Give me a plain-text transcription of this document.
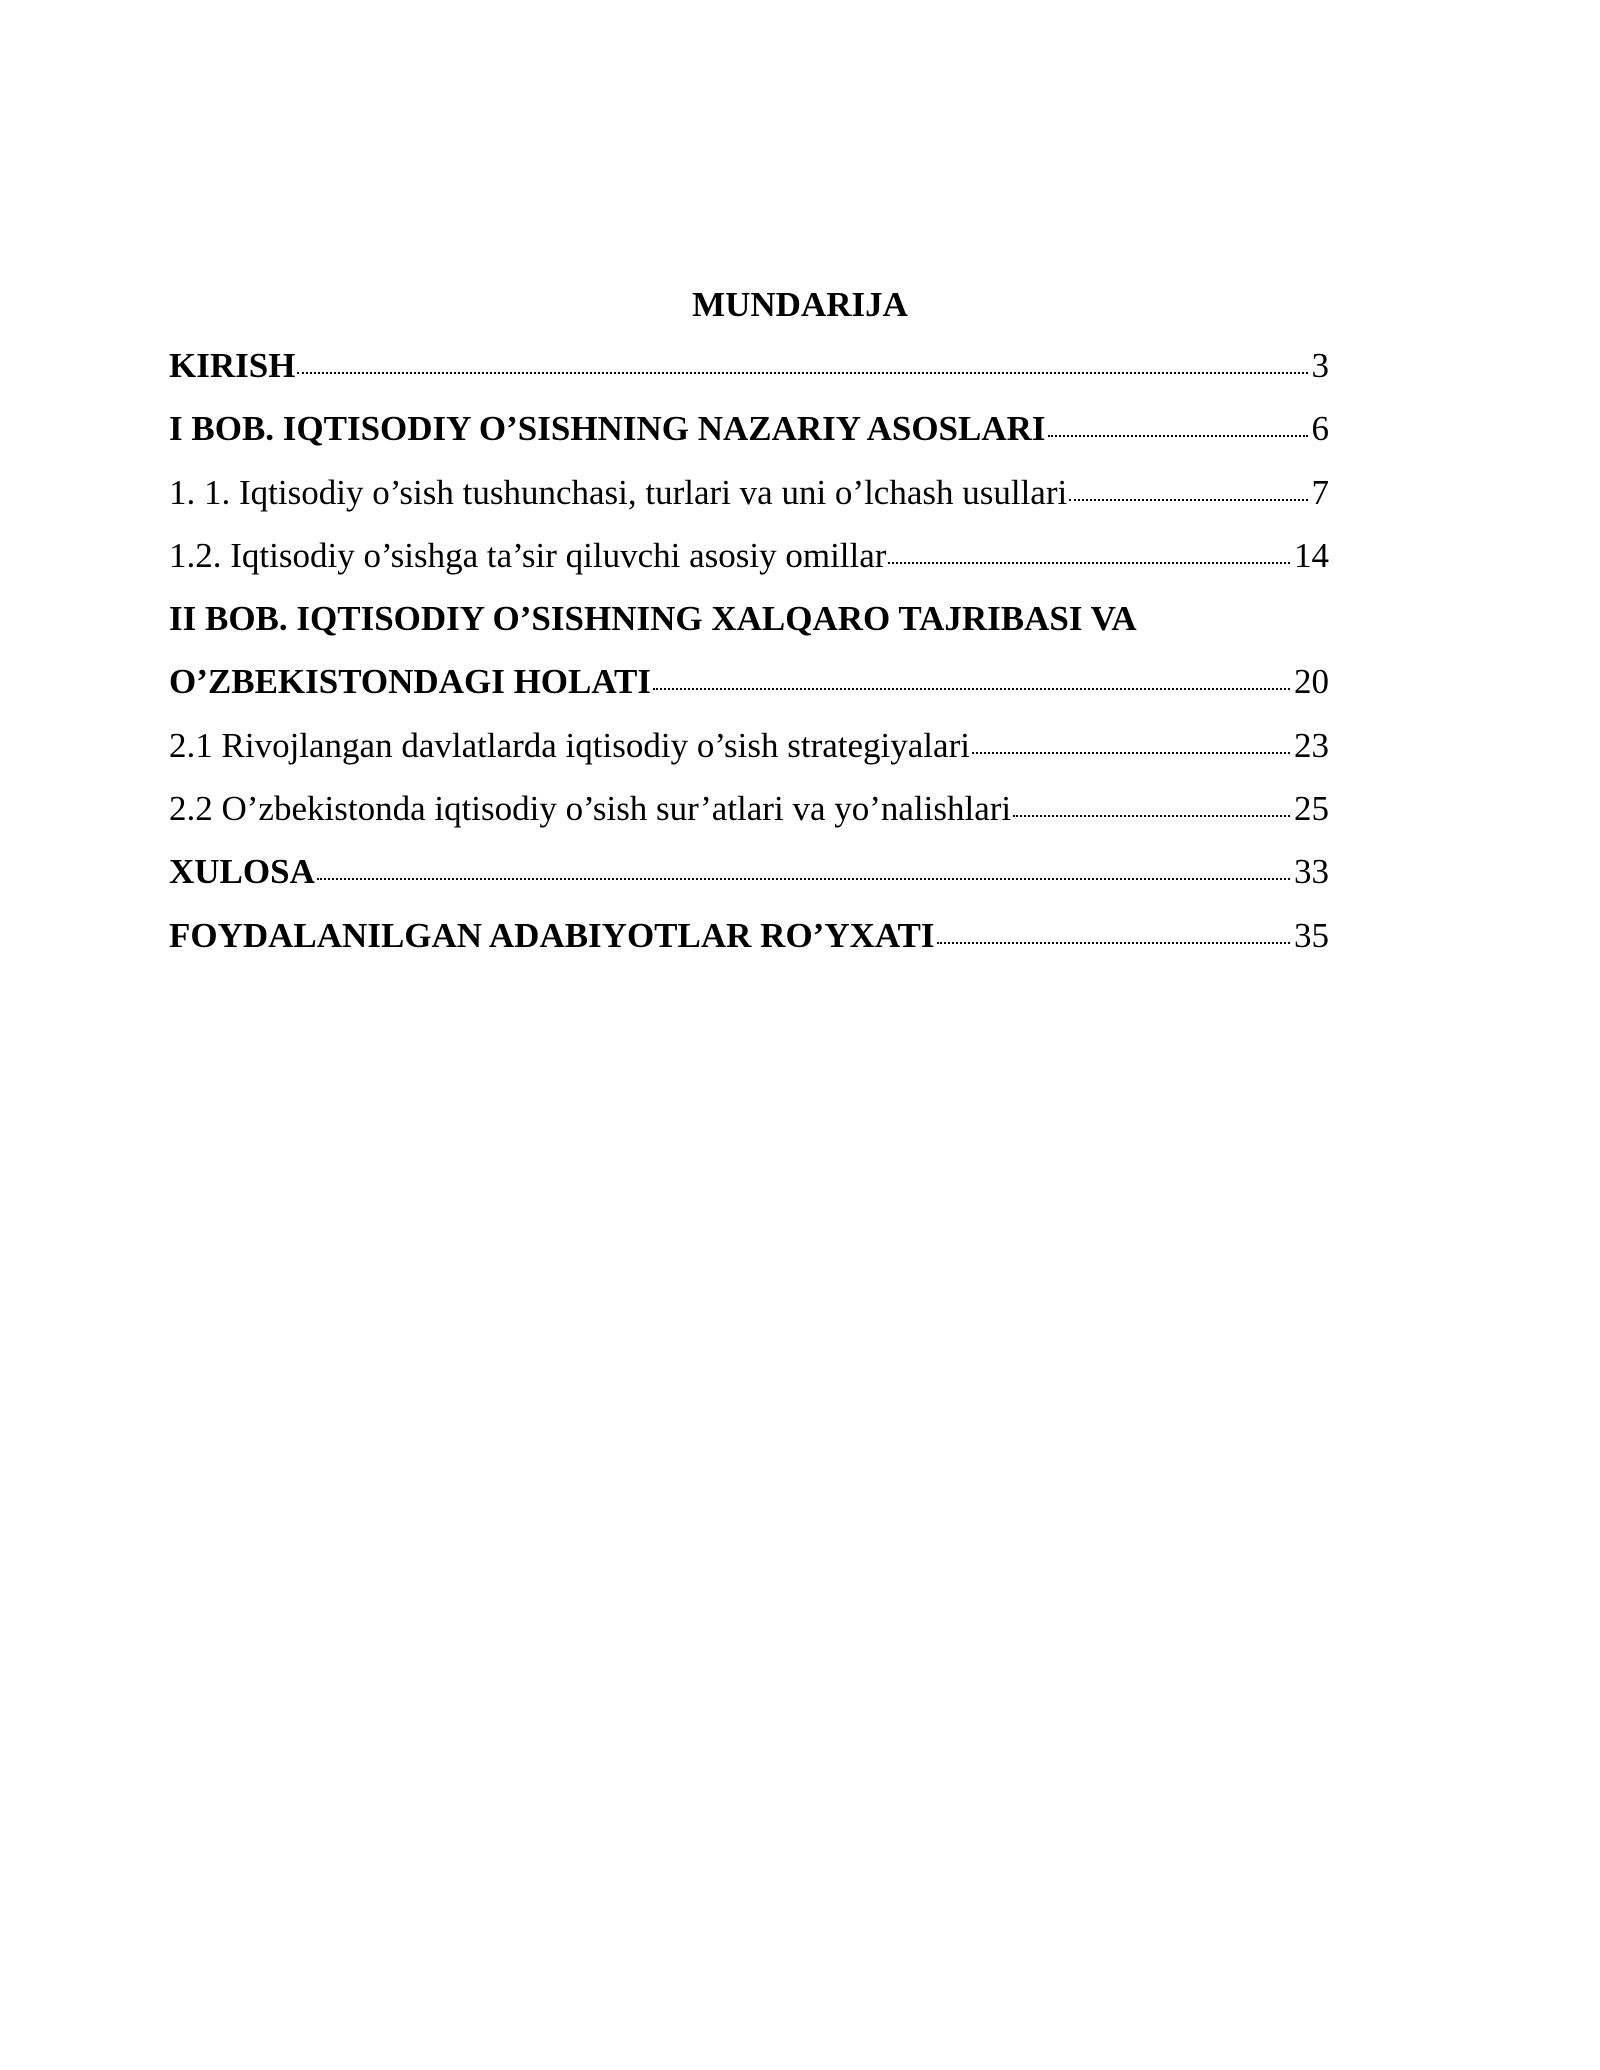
MUNDARIJA
KIRISH	3
I BOB. IQTISODIY O’SISHNING NAZARIY ASOSLARI	6
1. 1. Iqtisodiy o’sish tushunchasi, turlari va uni o’lchash usullari	7
1.2. Iqtisodiy o’sishga ta’sir qiluvchi asosiy omillar	14
II BOB. IQTISODIY O’SISHNING XALQARO TAJRIBASI VA
O’ZBEKISTONDAGI HOLATI	20
2.1 Rivojlangan davlatlarda iqtisodiy o’sish strategiyalari	23
2.2 O’zbekistonda iqtisodiy o’sish sur’atlari va yo’nalishlari	25
XULOSA	33
FOYDALANILGAN ADABIYOTLAR RO’YXATI	35
